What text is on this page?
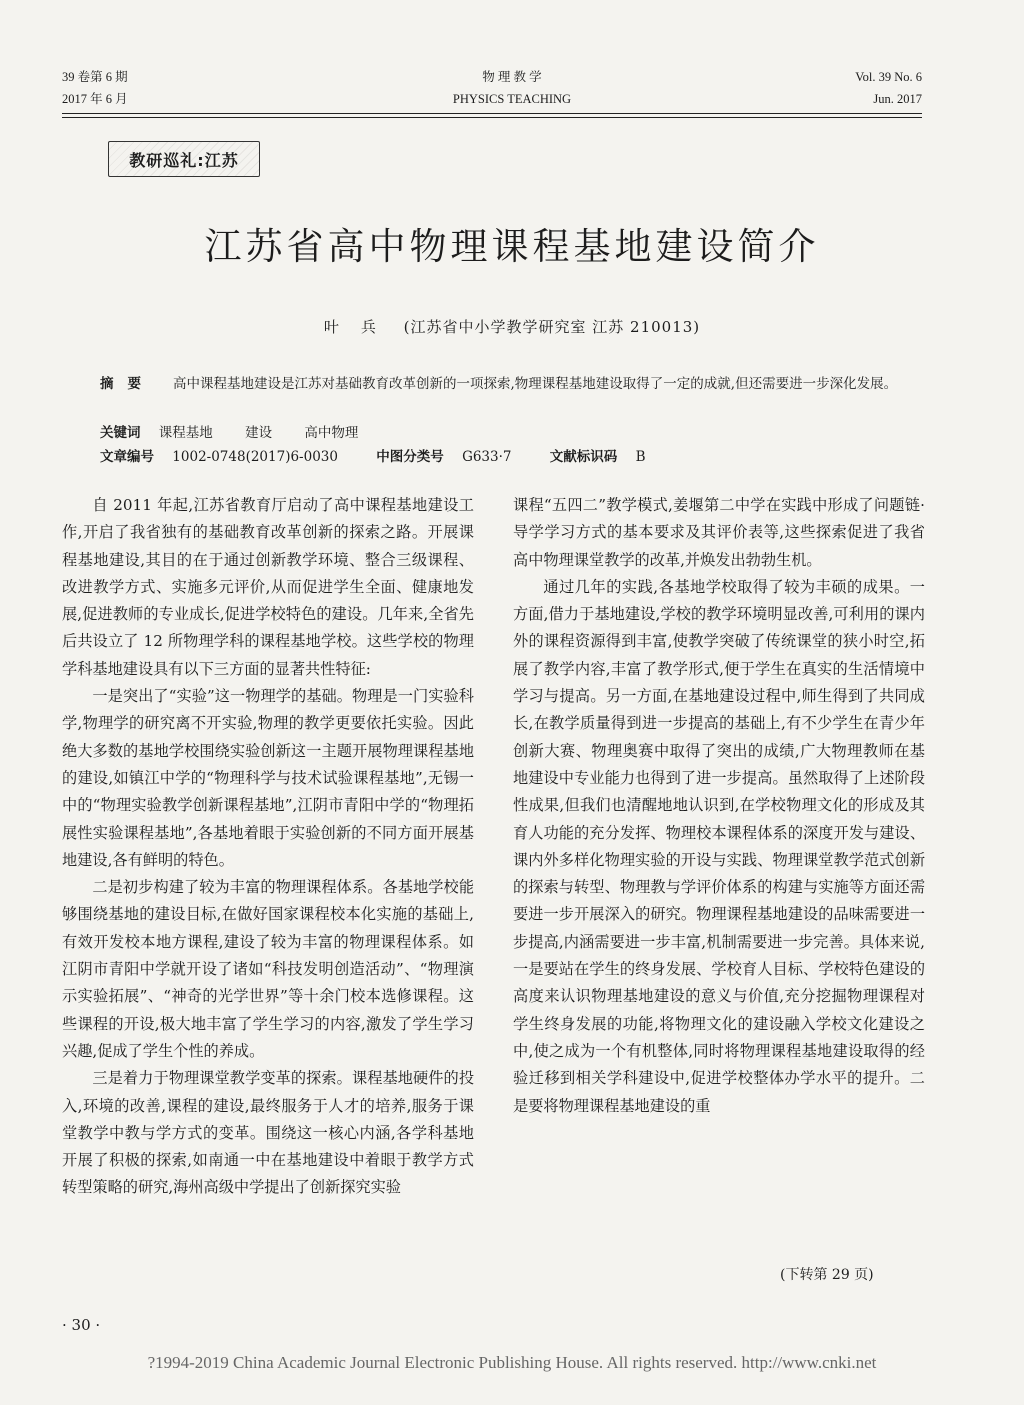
39 卷第 6 期
2017 年 6 月
物 理 教 学
PHYSICS TEACHING
Vol. 39 No. 6
Jun. 2017
教研巡礼:江苏
江苏省高中物理课程基地建设简介
叶兵 (江苏省中小学教学研究室 江苏 210013)
摘要 高中课程基地建设是江苏对基础教育改革创新的一项探索,物理课程基地建设取得了一定的成就,但还需要进一步深化发展。
关键词 课程基地 建设 高中物理
文章编号 1002-0748(2017)6-0030	中图分类号 G633·7	文献标识码 B

自 2011 年起,江苏省教育厅启动了高中课程基地建设工作,开启了我省独有的基础教育改革创新的探索之路。开展课程基地建设,其目的在于通过创新教学环境、整合三级课程、改进教学方式、实施多元评价,从而促进学生全面、健康地发展,促进教师的专业成长,促进学校特色的建设。几年来,全省先后共设立了 12 所物理学科的课程基地学校。这些学校的物理学科基地建设具有以下三方面的显著共性特征:

一是突出了“实验”这一物理学的基础。物理是一门实验科学,物理学的研究离不开实验,物理的教学更要依托实验。因此绝大多数的基地学校围绕实验创新这一主题开展物理课程基地的建设,如镇江中学的“物理科学与技术试验课程基地”,无锡一中的“物理实验教学创新课程基地”,江阴市青阳中学的“物理拓展性实验课程基地”,各基地着眼于实验创新的不同方面开展基地建设,各有鲜明的特色。

二是初步构建了较为丰富的物理课程体系。各基地学校能够围绕基地的建设目标,在做好国家课程校本化实施的基础上,有效开发校本地方课程,建设了较为丰富的物理课程体系。如江阴市青阳中学就开设了诸如“科技发明创造活动”、“物理演示实验拓展”、“神奇的光学世界”等十余门校本选修课程。这些课程的开设,极大地丰富了学生学习的内容,激发了学生学习兴趣,促成了学生个性的养成。

三是着力于物理课堂教学变革的探索。课程基地硬件的投入,环境的改善,课程的建设,最终服务于人才的培养,服务于课堂教学中教与学方式的变革。围绕这一核心内涵,各学科基地开展了积极的探索,如南通一中在基地建设中着眼于教学方式转型策略的研究,海州高级中学提出了创新探究实验

课程“五四二”教学模式,姜堰第二中学在实践中形成了问题链·导学学习方式的基本要求及其评价表等,这些探索促进了我省高中物理课堂教学的改革,并焕发出勃勃生机。

通过几年的实践,各基地学校取得了较为丰硕的成果。一方面,借力于基地建设,学校的教学环境明显改善,可利用的课内外的课程资源得到丰富,使教学突破了传统课堂的狭小时空,拓展了教学内容,丰富了教学形式,便于学生在真实的生活情境中学习与提高。另一方面,在基地建设过程中,师生得到了共同成长,在教学质量得到进一步提高的基础上,有不少学生在青少年创新大赛、物理奥赛中取得了突出的成绩,广大物理教师在基地建设中专业能力也得到了进一步提高。虽然取得了上述阶段性成果,但我们也清醒地地认识到,在学校物理文化的形成及其育人功能的充分发挥、物理校本课程体系的深度开发与建设、课内外多样化物理实验的开设与实践、物理课堂教学范式创新的探索与转型、物理教与学评价体系的构建与实施等方面还需要进一步开展深入的研究。物理课程基地建设的品味需要进一步提高,内涵需要进一步丰富,机制需要进一步完善。具体来说,一是要站在学生的终身发展、学校育人目标、学校特色建设的高度来认识物理基地建设的意义与价值,充分挖掘物理课程对学生终身发展的功能,将物理文化的建设融入学校文化建设之中,使之成为一个有机整体,同时将物理课程基地建设取得的经验迁移到相关学科建设中,促进学校整体办学水平的提升。二是要将物理课程基地建设的重

(下转第 29 页)
· 30 ·
?1994-2019 China Academic Journal Electronic Publishing House. All rights reserved. http://www.cnki.net
